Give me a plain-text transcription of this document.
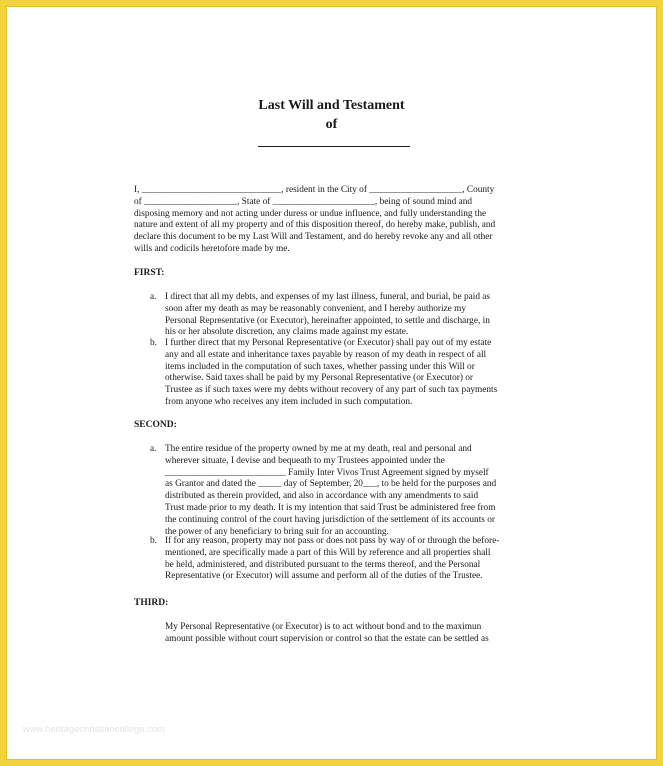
Last Will and Testament
of
I, ______________________________, resident in the City of ____________________, County
of ____________________, State of ______________________, being of sound mind and
disposing memory and not acting under duress or undue influence, and fully understanding the
nature and extent of all my property and of this disposition thereof, do hereby make, publish, and
declare this document to be my Last Will and Testament, and do hereby revoke any and all other
wills and codicils heretofore made by me.
FIRST:
a. I direct that all my debts, and expenses of my last illness, funeral, and burial, be paid as
soon after my death as may be reasonably convenient, and I hereby authorize my
Personal Representative (or Executor), hereinafter appointed, to settle and discharge, in
his or her absolute discretion, any claims made against my estate.
b. I further direct that my Personal Representative (or Executor) shall pay out of my estate
any and all estate and inheritance taxes payable by reason of my death in respect of all
items included in the computation of such taxes, whether passing under this Will or
otherwise. Said taxes shall be paid by my Personal Representative (or Executor) or
Trustee as if such taxes were my debts without recovery of any part of such tax payments
from anyone who receives any item included in such computation.
SECOND:
a. The entire residue of the property owned by me at my death, real and personal and
wherever situate, I devise and bequeath to my Trustees appointed under the
__________________________ Family Inter Vivos Trust Agreement signed by myself
as Grantor and dated the _____ day of September, 20___, to be held for the purposes and
distributed as therein provided, and also in accordance with any amendments to said
Trust made prior to my death. It is my intention that said Trust be administered free from
the continuing control of the court having jurisdiction of the settlement of its accounts or
the power of any beneficiary to bring suit for an accounting.
b. If for any reason, property may not pass or does not pass by way of or through the before-
mentioned, are specifically made a part of this Will by reference and all properties shall
be held, administered, and distributed pursuant to the terms thereof, and the Personal
Representative (or Executor) will assume and perform all of the duties of the Trustee.
THIRD:
My Personal Representative (or Executor) is to act without bond and to the maximun
amount possible without court supervision or control so that the estate can be settled as
www.heritagechristiancollege.com
